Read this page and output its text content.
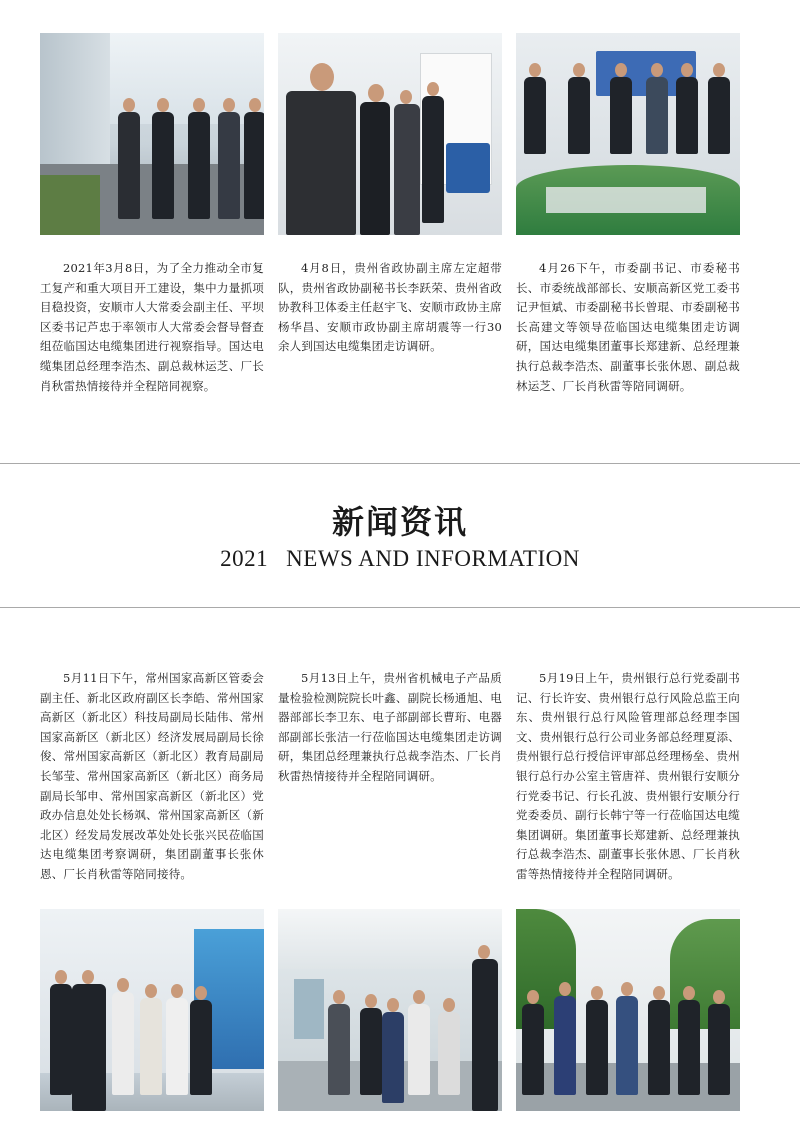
2021年3月8日，为了全力推动全市复工复产和重大项目开工建设，集中力量抓项目稳投资，安顺市人大常委会副主任、平坝区委书记芦忠于率领市人大常委会督导督查组莅临国达电缆集团进行视察指导。国达电缆集团总经理李浩杰、副总裁林运芝、厂长肖秋雷热情接待并全程陪同视察。

4月8日，贵州省政协副主席左定超带队，贵州省政协副秘书长李跃荣、贵州省政协教科卫体委主任赵宇飞、安顺市政协主席杨华昌、安顺市政协副主席胡震等一行30余人到国达电缆集团走访调研。

4月26下午，市委副书记、市委秘书长、市委统战部部长、安顺高新区党工委书记尹恒斌、市委副秘书长曾琨、市委副秘书长高建文等领导莅临国达电缆集团走访调研，国达电缆集团董事长郑建新、总经理兼执行总裁李浩杰、副董事长张休恩、副总裁林运芝、厂长肖秋雷等陪同调研。

新闻资讯
2021 NEWS AND INFORMATION

5月11日下午，常州国家高新区管委会副主任、新北区政府副区长李皓、常州国家高新区（新北区）科技局副局长陆伟、常州国家高新区（新北区）经济发展局副局长徐俊、常州国家高新区（新北区）教育局副局长邹莹、常州国家高新区（新北区）商务局副局长邹申、常州国家高新区（新北区）党政办信息处处长杨飒、常州国家高新区（新北区）经发局发展改革处处长张兴民莅临国达电缆集团考察调研，集团副董事长张休恩、厂长肖秋雷等陪同接待。

5月13日上午，贵州省机械电子产品质量检验检测院院长叶鑫、副院长杨通旭、电器部部长李卫东、电子部副部长曹珩、电器部副部长张洁一行莅临国达电缆集团走访调研，集团总经理兼执行总裁李浩杰、厂长肖秋雷热情接待并全程陪同调研。

5月19日上午，贵州银行总行党委副书记、行长许安、贵州银行总行风险总监王向东、贵州银行总行风险管理部总经理李国文、贵州银行总行公司业务部总经理夏添、贵州银行总行授信评审部总经理杨垒、贵州银行总行办公室主管唐祥、贵州银行安顺分行党委书记、行长孔波、贵州银行安顺分行党委委员、副行长韩宁等一行莅临国达电缆集团调研。集团董事长郑建新、总经理兼执行总裁李浩杰、副董事长张休恩、厂长肖秋雷等热情接待并全程陪同调研。
